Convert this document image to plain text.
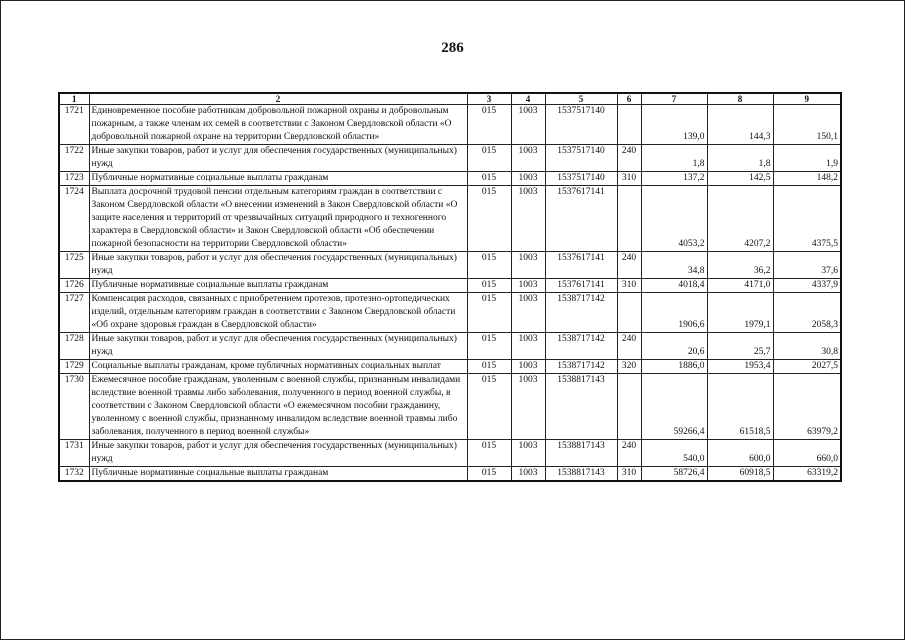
286
1	2	3	4	5	6	7	8	9
1721	Единовременное пособие работникам добровольной пожарной охраны и добровольным пожарным, а также членам их семей в соответствии с Законом Свердловской области «О добровольной пожарной охране на территории Свердловской области»	015	1003	1537517140		139,0	144,3	150,1
1722	Иные закупки товаров, работ и услуг для обеспечения государственных (муниципальных) нужд	015	1003	1537517140	240	1,8	1,8	1,9
1723	Публичные нормативные социальные выплаты гражданам	015	1003	1537517140	310	137,2	142,5	148,2
1724	Выплата досрочной трудовой пенсии отдельным категориям граждан в соответствии с Законом Свердловской области «О внесении изменений в Закон Свердловской области «О защите населения и территорий от чрезвычайных ситуаций природного и техногенного характера в Свердловской области» и Закон Свердловской области «Об обеспечении пожарной безопасности на территории Свердловской области»	015	1003	1537617141		4053,2	4207,2	4375,5
1725	Иные закупки товаров, работ и услуг для обеспечения государственных (муниципальных) нужд	015	1003	1537617141	240	34,8	36,2	37,6
1726	Публичные нормативные социальные выплаты гражданам	015	1003	1537617141	310	4018,4	4171,0	4337,9
1727	Компенсация расходов, связанных с приобретением протезов, протезно-ортопедических изделий, отдельным категориям граждан в соответствии с Законом Свердловской области «Об охране здоровья граждан в Свердловской области»	015	1003	1538717142		1906,6	1979,1	2058,3
1728	Иные закупки товаров, работ и услуг для обеспечения государственных (муниципальных) нужд	015	1003	1538717142	240	20,6	25,7	30,8
1729	Социальные выплаты гражданам, кроме публичных нормативных социальных выплат	015	1003	1538717142	320	1886,0	1953,4	2027,5
1730	Ежемесячное пособие гражданам, уволенным с военной службы, признанным инвалидами вследствие военной травмы либо заболевания, полученного в период военной службы, в соответствии с Законом Свердловской области «О ежемесячном пособии гражданину, уволенному с военной службы, признанному инвалидом вследствие военной травмы либо заболевания, полученного в период военной службы»	015	1003	1538817143		59266,4	61518,5	63979,2
1731	Иные закупки товаров, работ и услуг для обеспечения государственных (муниципальных) нужд	015	1003	1538817143	240	540,0	600,0	660,0
1732	Публичные нормативные социальные выплаты гражданам	015	1003	1538817143	310	58726,4	60918,5	63319,2
